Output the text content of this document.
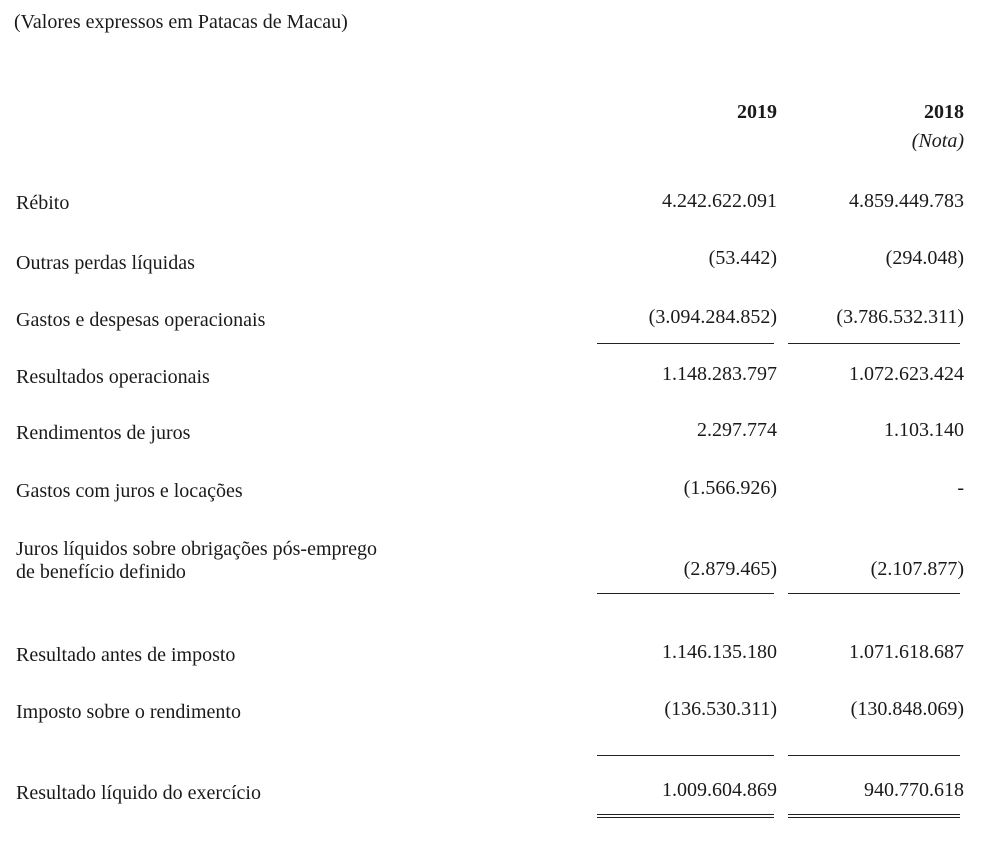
(Valores expressos em Patacas de Macau)
2019	2018
(Nota)
Rébito	4.242.622.091	4.859.449.783
Outras perdas líquidas	(53.442)	(294.048)
Gastos e despesas operacionais	(3.094.284.852)	(3.786.532.311)
Resultados operacionais	1.148.283.797	1.072.623.424
Rendimentos de juros	2.297.774	1.103.140
Gastos com juros e locações	(1.566.926)	-
Juros líquidos sobre obrigações pós-emprego
de benefício definido	(2.879.465)	(2.107.877)
Resultado antes de imposto	1.146.135.180	1.071.618.687
Imposto sobre o rendimento	(136.530.311)	(130.848.069)
Resultado líquido do exercício	1.009.604.869	940.770.618
